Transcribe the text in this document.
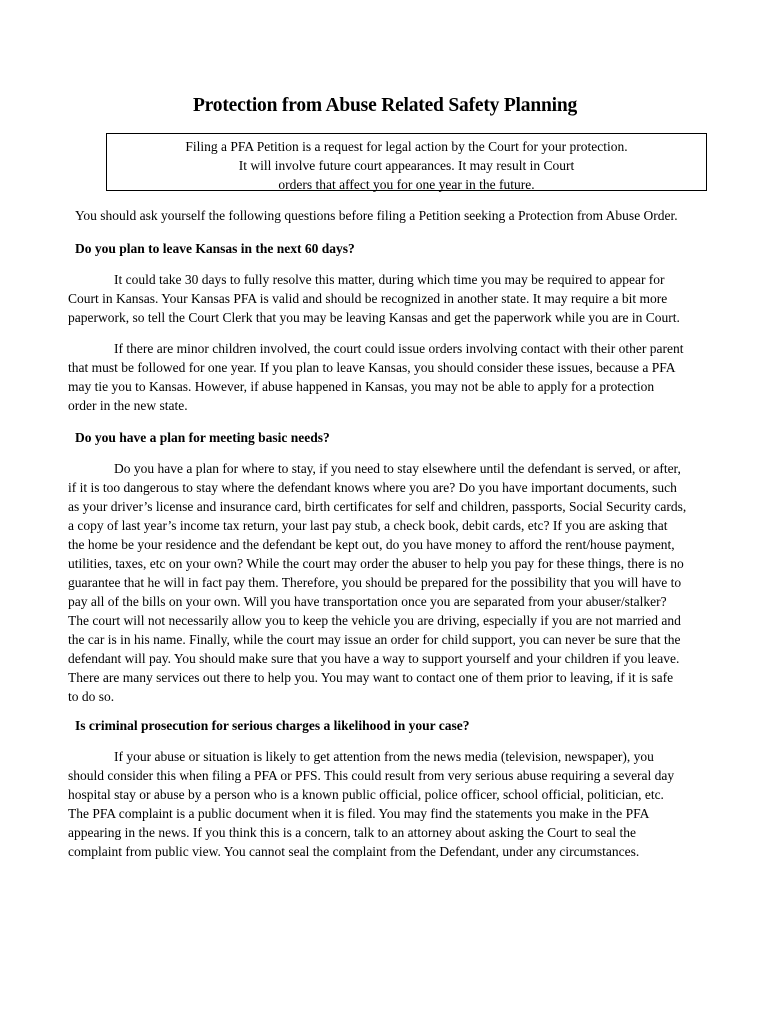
Protection from Abuse Related Safety Planning
Filing a PFA Petition is a request for legal action by the Court for your protection.
It will involve future court appearances. It may result in Court
orders that affect you for one year in the future.
You should ask yourself the following questions before filing a Petition seeking a Protection from Abuse Order.
Do you plan to leave Kansas in the next 60 days?
It could take 30 days to fully resolve this matter, during which time you may be required to appear for
Court in Kansas. Your Kansas PFA is valid and should be recognized in another state. It may require a bit more
paperwork, so tell the Court Clerk that you may be leaving Kansas and get the paperwork while you are in Court.
If there are minor children involved, the court could issue orders involving contact with their other parent
that must be followed for one year. If you plan to leave Kansas, you should consider these issues, because a PFA
may tie you to Kansas. However, if abuse happened in Kansas, you may not be able to apply for a protection
order in the new state.
Do you have a plan for meeting basic needs?
Do you have a plan for where to stay, if you need to stay elsewhere until the defendant is served, or after,
if it is too dangerous to stay where the defendant knows where you are? Do you have important documents, such
as your driver’s license and insurance card, birth certificates for self and children, passports, Social Security cards,
a copy of last year’s income tax return, your last pay stub, a check book, debit cards, etc? If you are asking that
the home be your residence and the defendant be kept out, do you have money to afford the rent/house payment,
utilities, taxes, etc on your own? While the court may order the abuser to help you pay for these things, there is no
guarantee that he will in fact pay them. Therefore, you should be prepared for the possibility that you will have to
pay all of the bills on your own. Will you have transportation once you are separated from your abuser/stalker?
The court will not necessarily allow you to keep the vehicle you are driving, especially if you are not married and
the car is in his name. Finally, while the court may issue an order for child support, you can never be sure that the
defendant will pay. You should make sure that you have a way to support yourself and your children if you leave.
There are many services out there to help you. You may want to contact one of them prior to leaving, if it is safe
to do so.
Is criminal prosecution for serious charges a likelihood in your case?
If your abuse or situation is likely to get attention from the news media (television, newspaper), you
should consider this when filing a PFA or PFS. This could result from very serious abuse requiring a several day
hospital stay or abuse by a person who is a known public official, police officer, school official, politician, etc.
The PFA complaint is a public document when it is filed. You may find the statements you make in the PFA
appearing in the news. If you think this is a concern, talk to an attorney about asking the Court to seal the
complaint from public view. You cannot seal the complaint from the Defendant, under any circumstances.
